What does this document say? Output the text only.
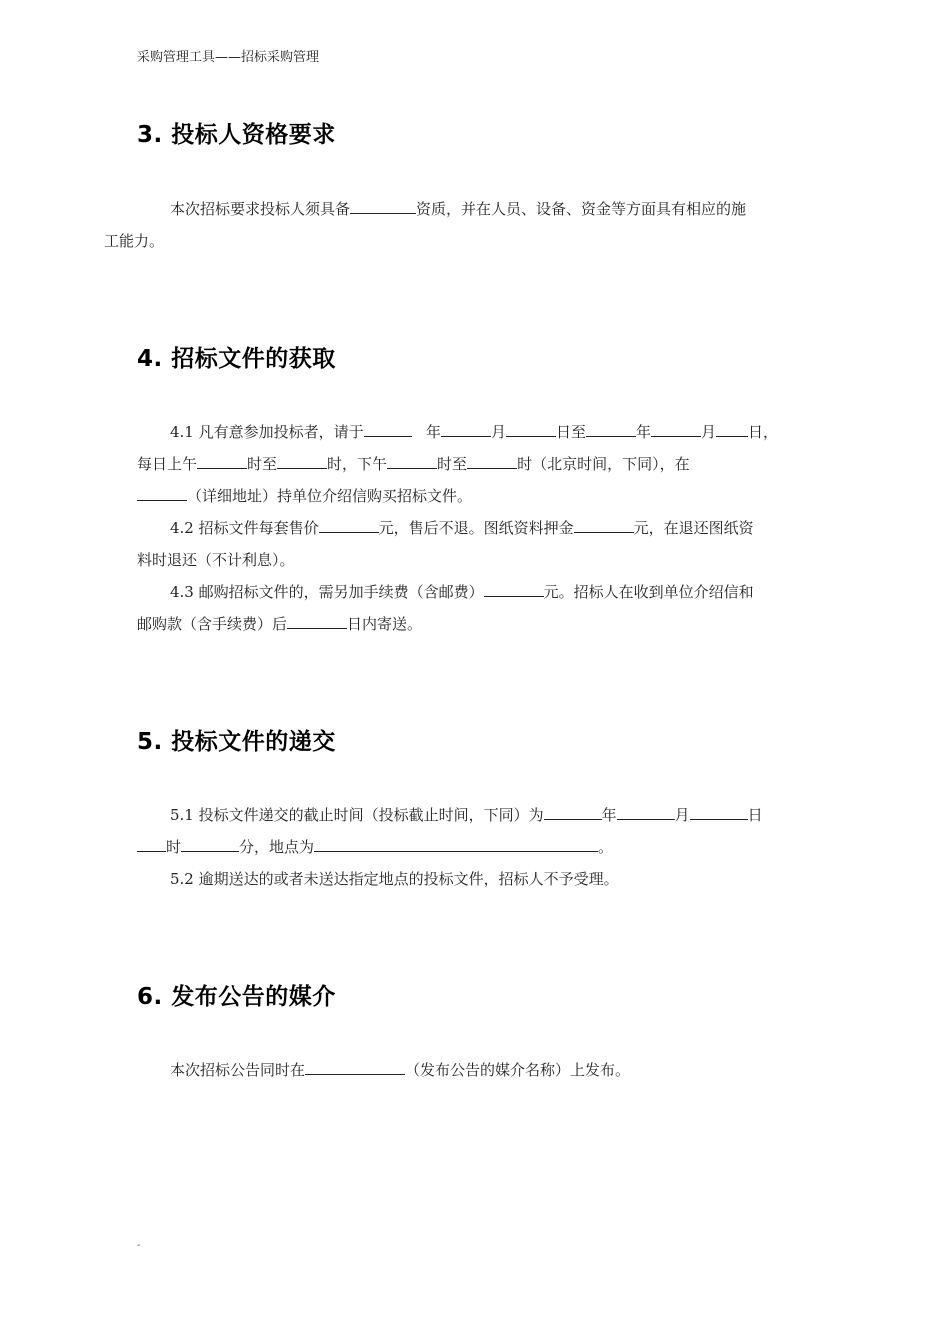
采购管理工具——招标采购管理
3. 投标人资格要求
本次招标要求投标人须具备	资质，并在人员、设备、资金等方面具有相应的施
工能力。
4. 招标文件的获取
4.1 凡有意参加投标者，请于	年	月	日至	年	月 日，
每日上午	时至	时，下午	时至	时（北京时间，下同），在
（详细地址）持单位介绍信购买招标文件。
4.2 招标文件每套售价	元，售后不退。图纸资料押金	元，在退还图纸资
料时退还（不计利息）。
4.3 邮购招标文件的，需另加手续费（含邮费）	元。招标人在收到单位介绍信和
邮购款（含手续费）后	日内寄送。
5. 投标文件的递交
5.1 投标文件递交的截止时间（投标截止时间，下同）为	年	月	日
时	分，地点为	。
5.2 逾期送达的或者未送达指定地点的投标文件，招标人不予受理。
6. 发布公告的媒介
本次招标公告同时在	（发布公告的媒介名称）上发布。
-
